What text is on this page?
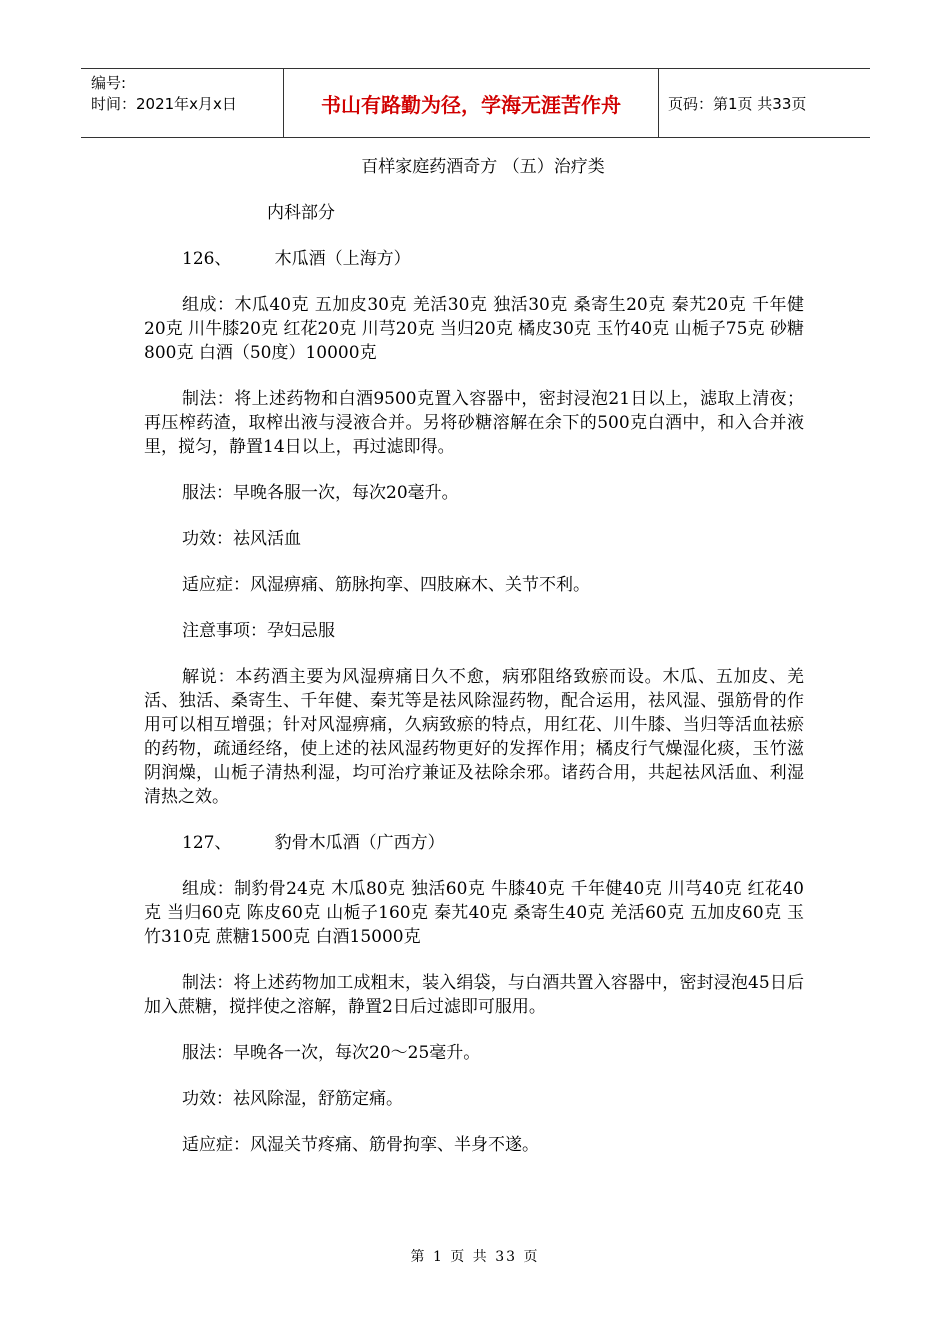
编号:
时间：2021年x月x日	书山有路勤为径，学海无涯苦作舟	页码：第1页 共33页

百样家庭药酒奇方 （五）治疗类

内科部分

126、        木瓜酒（上海方）

组成：木瓜40克 五加皮30克 羌活30克 独活30克 桑寄生20克 秦艽20克 千年健20克 川牛膝20克 红花20克 川芎20克 当归20克 橘皮30克 玉竹40克 山栀子75克 砂糖800克 白酒（50度）10000克

制法：将上述药物和白酒9500克置入容器中，密封浸泡21日以上，滤取上清夜；再压榨药渣，取榨出液与浸液合并。另将砂糖溶解在余下的500克白酒中，和入合并液里，搅匀，静置14日以上，再过滤即得。

服法：早晚各服一次，每次20毫升。

功效：祛风活血

适应症：风湿痹痛、筋脉拘挛、四肢麻木、关节不利。

注意事项：孕妇忌服

解说：本药酒主要为风湿痹痛日久不愈，病邪阻络致瘀而设。木瓜、五加皮、羌活、独活、桑寄生、千年健、秦艽等是祛风除湿药物，配合运用，祛风湿、强筋骨的作用可以相互增强；针对风湿痹痛，久病致瘀的特点，用红花、川牛膝、当归等活血祛瘀的药物，疏通经络，使上述的祛风湿药物更好的发挥作用；橘皮行气燥湿化痰，玉竹滋阴润燥，山栀子清热利湿，均可治疗兼证及祛除余邪。诸药合用，共起祛风活血、利湿清热之效。

127、        豹骨木瓜酒（广西方）

组成：制豹骨24克 木瓜80克 独活60克 牛膝40克 千年健40克 川芎40克 红花40克 当归60克 陈皮60克 山栀子160克 秦艽40克 桑寄生40克 羌活60克 五加皮60克 玉竹310克 蔗糖1500克 白酒15000克

制法：将上述药物加工成粗末，装入绢袋，与白酒共置入容器中，密封浸泡45日后加入蔗糖，搅拌使之溶解，静置2日后过滤即可服用。

服法：早晚各一次，每次20～25毫升。

功效：祛风除湿，舒筋定痛。

适应症：风湿关节疼痛、筋骨拘挛、半身不遂。

第 1 页 共 33 页
